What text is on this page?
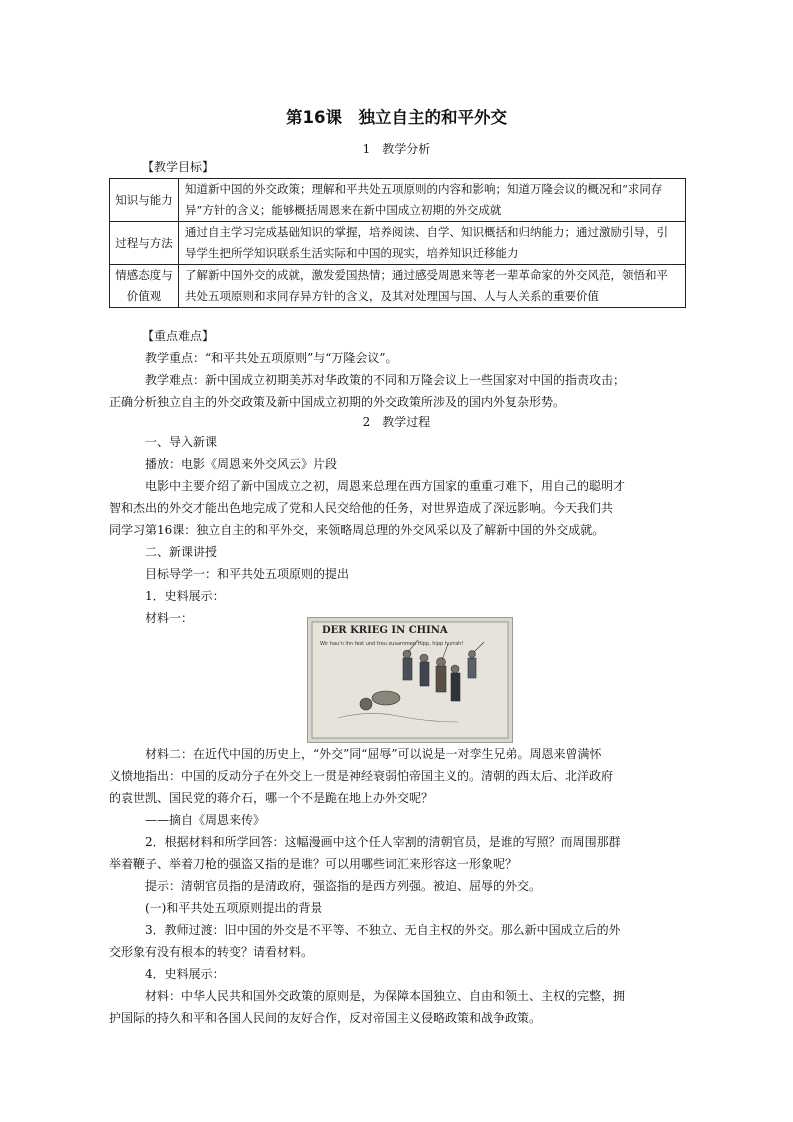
第16课　独立自主的和平外交
1　教学分析
【教学目标】
知识与能力	知道新中国的外交政策；理解和平共处五项原则的内容和影响；知道万隆会议的概况和“求同存异”方针的含义；能够概括周恩来在新中国成立初期的外交成就
过程与方法	通过自主学习完成基础知识的掌握，培养阅读、自学、知识概括和归纳能力；通过激励引导，引导学生把所学知识联系生活实际和中国的现实，培养知识迁移能力
情感态度与价值观	了解新中国外交的成就，激发爱国热情；通过感受周恩来等老一辈革命家的外交风范，领悟和平共处五项原则和求同存异方针的含义，及其对处理国与国、人与人关系的重要价值
【重点难点】
教学重点：“和平共处五项原则”与“万隆会议”。
教学难点：新中国成立初期美苏对华政策的不同和万隆会议上一些国家对中国的指责攻击；
正确分析独立自主的外交政策及新中国成立初期的外交政策所涉及的国内外复杂形势。
2　教学过程
一、导入新课
播放：电影《周恩来外交风云》片段
电影中主要介绍了新中国成立之初，周恩来总理在西方国家的重重刁难下，用自己的聪明才
智和杰出的外交才能出色地完成了党和人民交给他的任务，对世界造成了深远影响。今天我们共
同学习第16课：独立自主的和平外交，来领略周总理的外交风采以及了解新中国的外交成就。
二、新课讲授
目标导学一：和平共处五项原则的提出
1．史料展示：
材料一：
DER KRIEG IN CHINA
Wir hau'n ihn fest und treu zusammen Hipp, hipp hurrah!
材料二：在近代中国的历史上，“外交”同“屈辱”可以说是一对孪生兄弟。周恩来曾满怀
义愤地指出：中国的反动分子在外交上一贯是神经衰弱怕帝国主义的。清朝的西太后、北洋政府
的袁世凯、国民党的蒋介石，哪一个不是跪在地上办外交呢？
——摘自《周恩来传》
2．根据材料和所学回答：这幅漫画中这个任人宰割的清朝官员，是谁的写照？而周围那群
举着鞭子、举着刀枪的强盗又指的是谁？可以用哪些词汇来形容这一形象呢？
提示：清朝官员指的是清政府，强盗指的是西方列强。被迫、屈辱的外交。
(一)和平共处五项原则提出的背景
3．教师过渡：旧中国的外交是不平等、不独立、无自主权的外交。那么新中国成立后的外
交形象有没有根本的转变？请看材料。
4．史料展示：
材料：中华人民共和国外交政策的原则是，为保障本国独立、自由和领土、主权的完整，拥
护国际的持久和平和各国人民间的友好合作，反对帝国主义侵略政策和战争政策。
